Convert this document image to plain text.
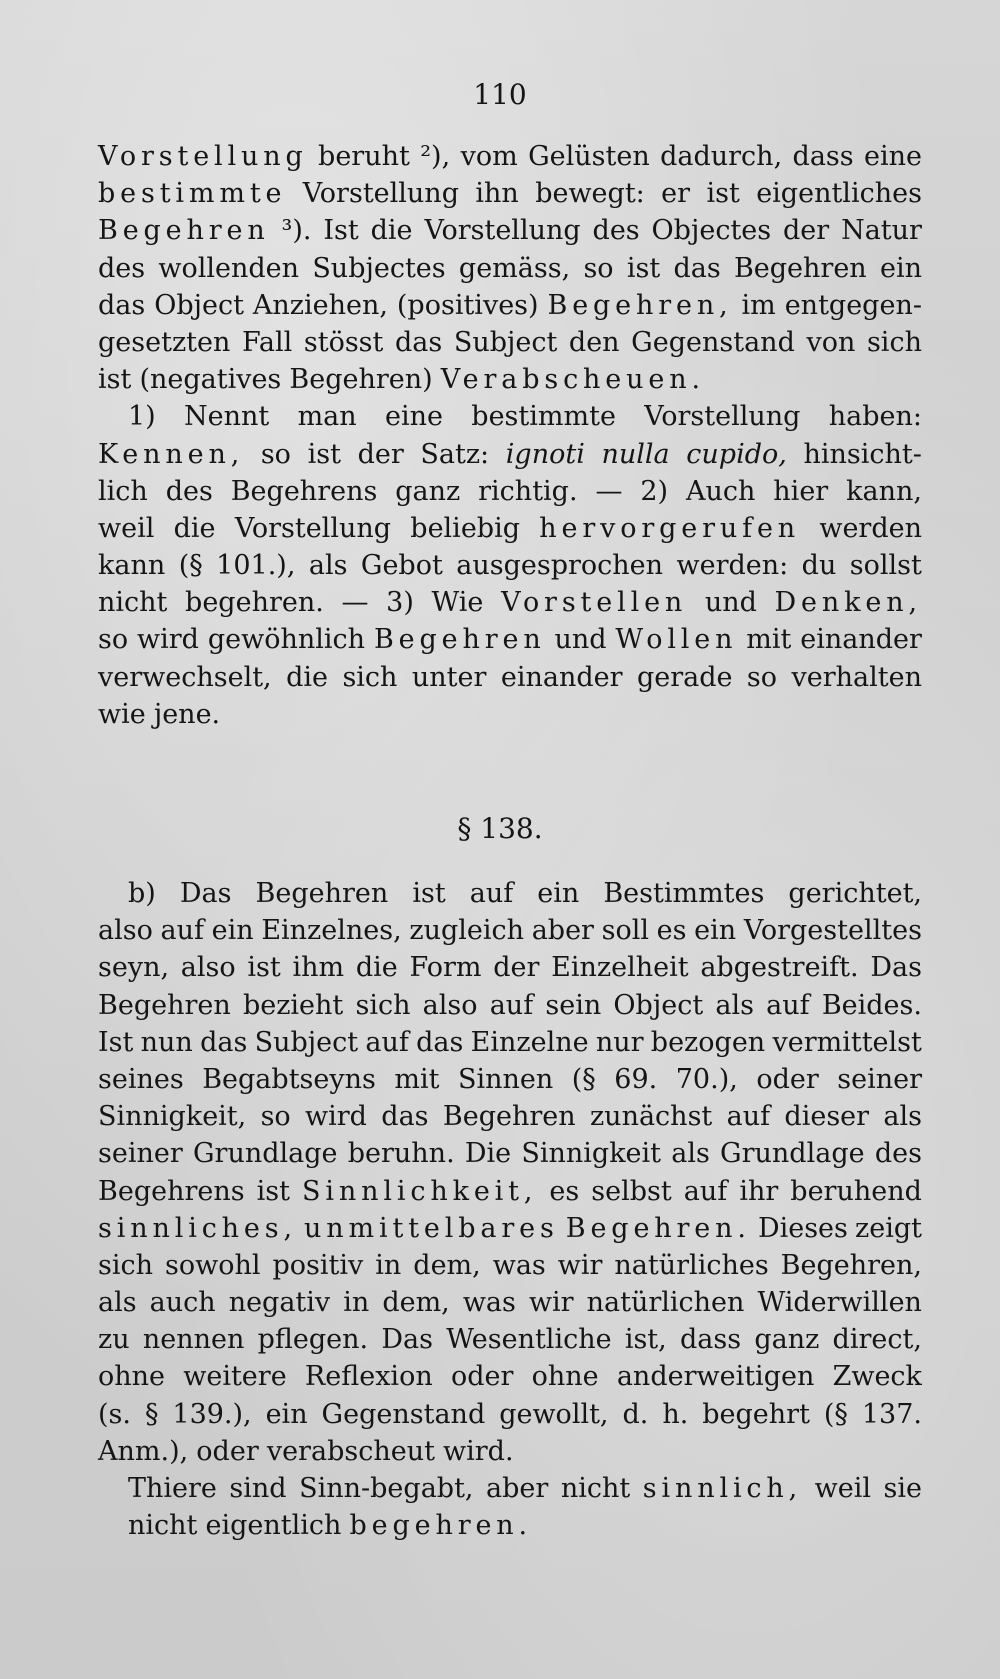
110
Vorstellung beruht ²), vom Gelüsten dadurch, dass eine
bestimmte Vorstellung ihn bewegt: er ist eigentliches
Begehren ³). Ist die Vorstellung des Objectes der Natur
des wollenden Subjectes gemäss, so ist das Begehren ein
das Object Anziehen, (positives) Begehren, im entgegen-
gesetzten Fall stösst das Subject den Gegenstand von sich
ist (negatives Begehren) Verabscheuen.
1) Nennt man eine bestimmte Vorstellung haben:
Kennen, so ist der Satz: ignoti nulla cupido, hinsicht-
lich des Begehrens ganz richtig. — 2) Auch hier kann,
weil die Vorstellung beliebig hervorgerufen werden
kann (§ 101.), als Gebot ausgesprochen werden: du sollst
nicht begehren. — 3) Wie Vorstellen und Denken,
so wird gewöhnlich Begehren und Wollen mit einander
verwechselt, die sich unter einander gerade so verhalten
wie jene.
§ 138.
b) Das Begehren ist auf ein Bestimmtes gerichtet,
also auf ein Einzelnes, zugleich aber soll es ein Vorgestelltes
seyn, also ist ihm die Form der Einzelheit abgestreift. Das
Begehren bezieht sich also auf sein Object als auf Beides.
Ist nun das Subject auf das Einzelne nur bezogen vermittelst
seines Begabtseyns mit Sinnen (§ 69. 70.), oder seiner
Sinnigkeit, so wird das Begehren zunächst auf dieser als
seiner Grundlage beruhn. Die Sinnigkeit als Grundlage des
Begehrens ist Sinnlichkeit, es selbst auf ihr beruhend
sinnliches, unmittelbares Begehren. Dieses zeigt
sich sowohl positiv in dem, was wir natürliches Begehren,
als auch negativ in dem, was wir natürlichen Widerwillen
zu nennen pflegen. Das Wesentliche ist, dass ganz direct,
ohne weitere Reflexion oder ohne anderweitigen Zweck
(s. § 139.), ein Gegenstand gewollt, d. h. begehrt (§ 137.
Anm.), oder verabscheut wird.
Thiere sind Sinn-begabt, aber nicht sinnlich, weil sie
nicht eigentlich begehren.
